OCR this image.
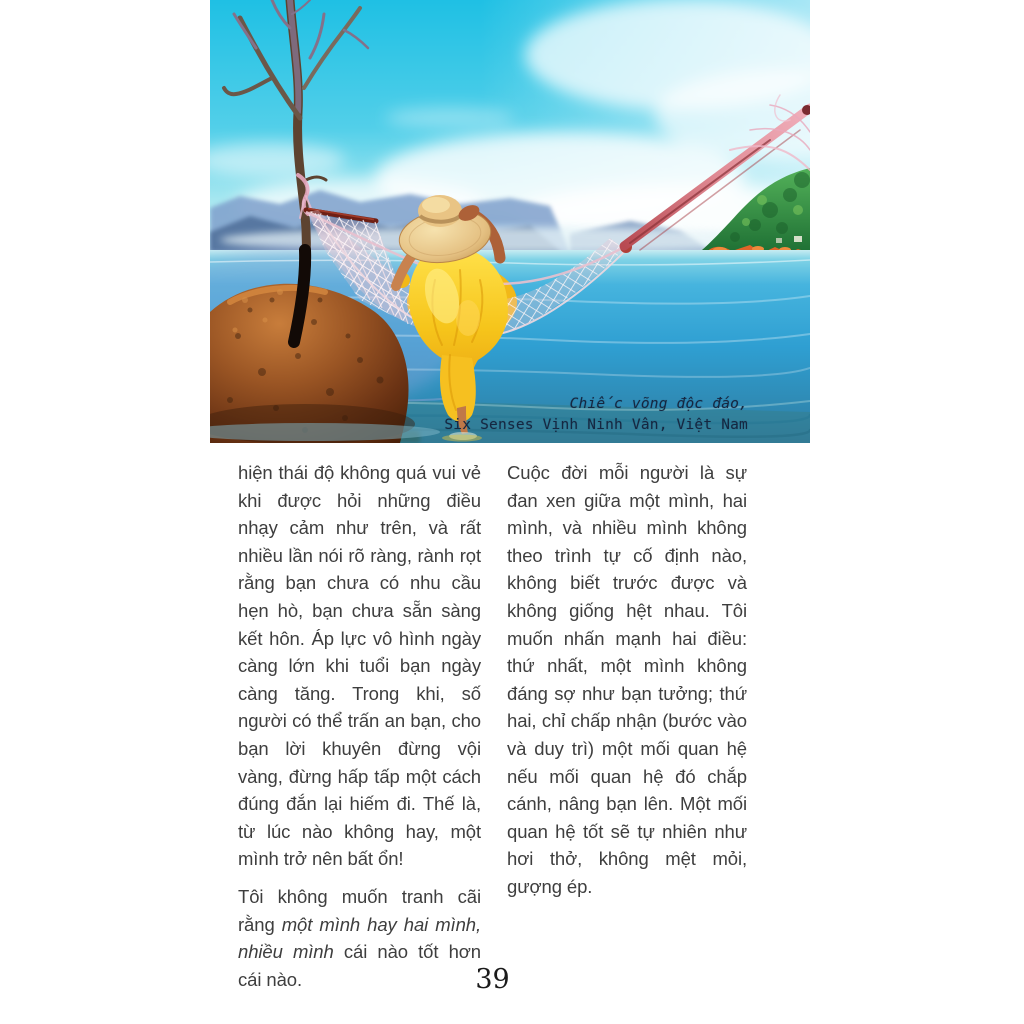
Chiếc võng độc đáo,
Six Senses Vịnh Ninh Vân, Việt Nam

hiện thái độ không quá vui vẻ khi được hỏi những điều nhạy cảm như trên, và rất nhiều lần nói rõ ràng, rành rọt rằng bạn chưa có nhu cầu hẹn hò, bạn chưa sẵn sàng kết hôn. Áp lực vô hình ngày càng lớn khi tuổi bạn ngày càng tăng. Trong khi, số người có thể trấn an bạn, cho bạn lời khuyên đừng vội vàng, đừng hấp tấp một cách đúng đắn lại hiếm đi. Thế là, từ lúc nào không hay, một mình trở nên bất ổn!

Tôi không muốn tranh cãi rằng một mình hay hai mình, nhiều mình cái nào tốt hơn cái nào.

Cuộc đời mỗi người là sự đan xen giữa một mình, hai mình, và nhiều mình không theo trình tự cố định nào, không biết trước được và không giống hệt nhau. Tôi muốn nhấn mạnh hai điều: thứ nhất, một mình không đáng sợ như bạn tưởng; thứ hai, chỉ chấp nhận (bước vào và duy trì) một mối quan hệ nếu mối quan hệ đó chắp cánh, nâng bạn lên. Một mối quan hệ tốt sẽ tự nhiên như hơi thở, không mệt mỏi, gượng ép.

39
